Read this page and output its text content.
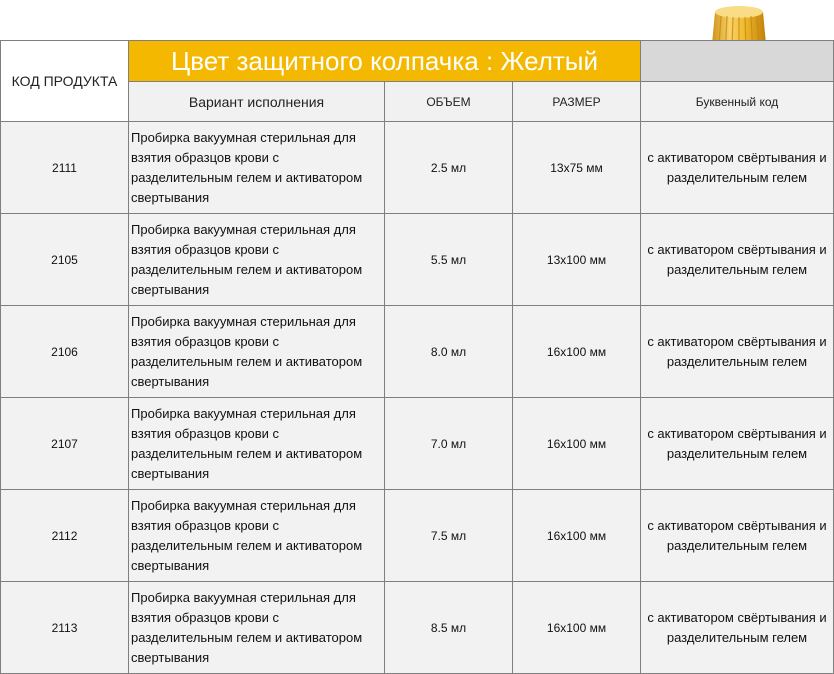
КОД ПРОДУКТА	Цвет защитного колпачка : Желтый			
	Вариант исполнения	ОБЪЕМ	РАЗМЕР	Буквенный код
2111	Пробирка вакуумная стерильная для взятия образцов крови с разделительным гелем и активатором свертывания	2.5 мл	13x75 мм	с активатором свёртывания и разделительным гелем
2105	Пробирка вакуумная стерильная для взятия образцов крови с разделительным гелем и активатором свертывания	5.5 мл	13x100 мм	с активатором свёртывания и разделительным гелем
2106	Пробирка вакуумная стерильная для взятия образцов крови с разделительным гелем и активатором свертывания	8.0 мл	16x100 мм	с активатором свёртывания и разделительным гелем
2107	Пробирка вакуумная стерильная для взятия образцов крови с разделительным гелем и активатором свертывания	7.0 мл	16x100 мм	с активатором свёртывания и разделительным гелем
2112	Пробирка вакуумная стерильная для взятия образцов крови с разделительным гелем и активатором свертывания	7.5 мл	16x100 мм	с активатором свёртывания и разделительным гелем
2113	Пробирка вакуумная стерильная для взятия образцов крови с разделительным гелем и активатором свертывания	8.5 мл	16x100 мм	с активатором свёртывания и разделительным гелем
